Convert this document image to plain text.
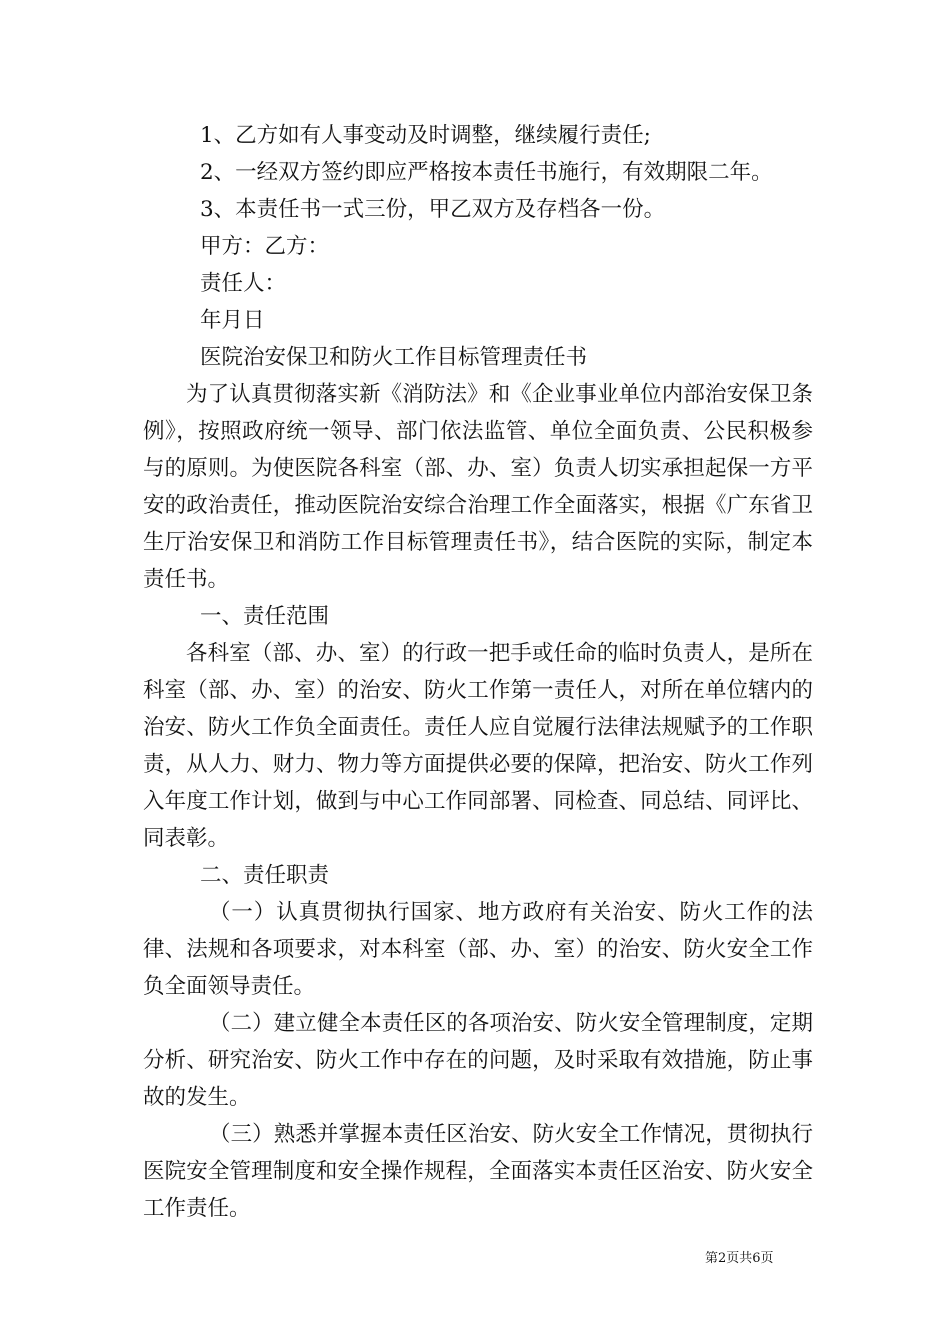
1、乙方如有人事变动及时调整，继续履行责任;

2、一经双方签约即应严格按本责任书施行，有效期限二年。

3、本责任书一式三份，甲乙双方及存档各一份。

甲方：乙方：

责任人：

年月日

医院治安保卫和防火工作目标管理责任书

为了认真贯彻落实新《消防法》和《企业事业单位内部治安保卫条例》，按照政府统一领导、部门依法监管、单位全面负责、公民积极参与的原则。为使医院各科室（部、办、室）负责人切实承担起保一方平安的政治责任，推动医院治安综合治理工作全面落实，根据《广东省卫生厅治安保卫和消防工作目标管理责任书》，结合医院的实际，制定本责任书。

一、责任范围

各科室（部、办、室）的行政一把手或任命的临时负责人，是所在科室（部、办、室）的治安、防火工作第一责任人，对所在单位辖内的治安、防火工作负全面责任。责任人应自觉履行法律法规赋予的工作职责，从人力、财力、物力等方面提供必要的保障，把治安、防火工作列入年度工作计划，做到与中心工作同部署、同检查、同总结、同评比、同表彰。

二、责任职责

（一）认真贯彻执行国家、地方政府有关治安、防火工作的法律、法规和各项要求，对本科室（部、办、室）的治安、防火安全工作负全面领导责任。

（二）建立健全本责任区的各项治安、防火安全管理制度，定期分析、研究治安、防火工作中存在的问题，及时采取有效措施，防止事故的发生。

（三）熟悉并掌握本责任区治安、防火安全工作情况，贯彻执行医院安全管理制度和安全操作规程，全面落实本责任区治安、防火安全工作责任。

第2页共6页
